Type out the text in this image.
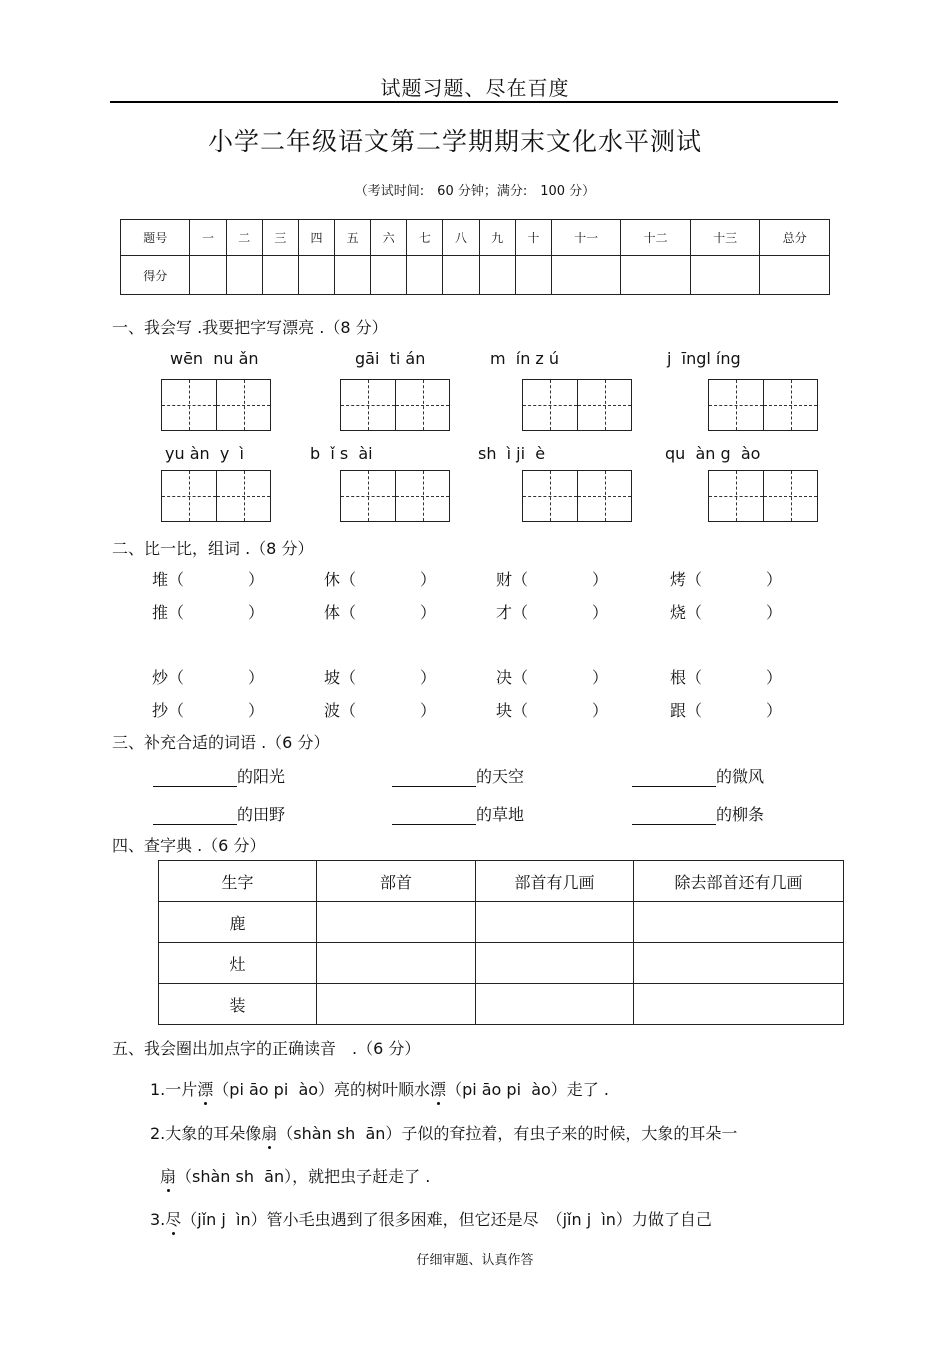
试题习题、尽在百度
小学二年级语文第二学期期末文化水平测试
（考试时间:　60 分钟；满分:　100 分）
题号	一	二	三	四	五	六	七	八	九	十	十一	十二	十三	总分
得分														
一、我会写 .我要把字写漂亮 .（8 分）
wēn  nu ǎn	gāi  ti án	m  ín z ú	j  īngl íng
yu àn  y  ì	b  ǐ s  ài	sh  ì ji  è	qu  àn g  ào
二、比一比，组词 .（8 分）
堆（　　　　）	休（　　　　）	财（　　　　）	烤（　　　　）
推（　　　　）	体（　　　　）	才（　　　　）	烧（　　　　）
炒（　　　　）	坡（　　　　）	决（　　　　）	根（　　　　）
抄（　　　　）	波（　　　　）	块（　　　　）	跟（　　　　）
三、补充合适的词语 .（6 分）
的阳光	的天空	的微风
的田野	的草地	的柳条
四、查字典 .（6 分）
生字	部首	部首有几画	除去部首还有几画
鹿			
灶			
装			
五、我会圈出加点字的正确读音　.（6 分）
1.一片漂（pi āo pi  ào）亮的树叶顺水漂（pi āo pi  ào）走了 .
2.大象的耳朵像扇（shàn sh  ān）子似的耷拉着，有虫子来的时候，大象的耳朵一
扇（shàn sh  ān），就把虫子赶走了 .
3.尽（jǐn j  ìn）管小毛虫遇到了很多困难，但它还是尽　（jǐn j  ìn）力做了自己
仔细审题、认真作答
